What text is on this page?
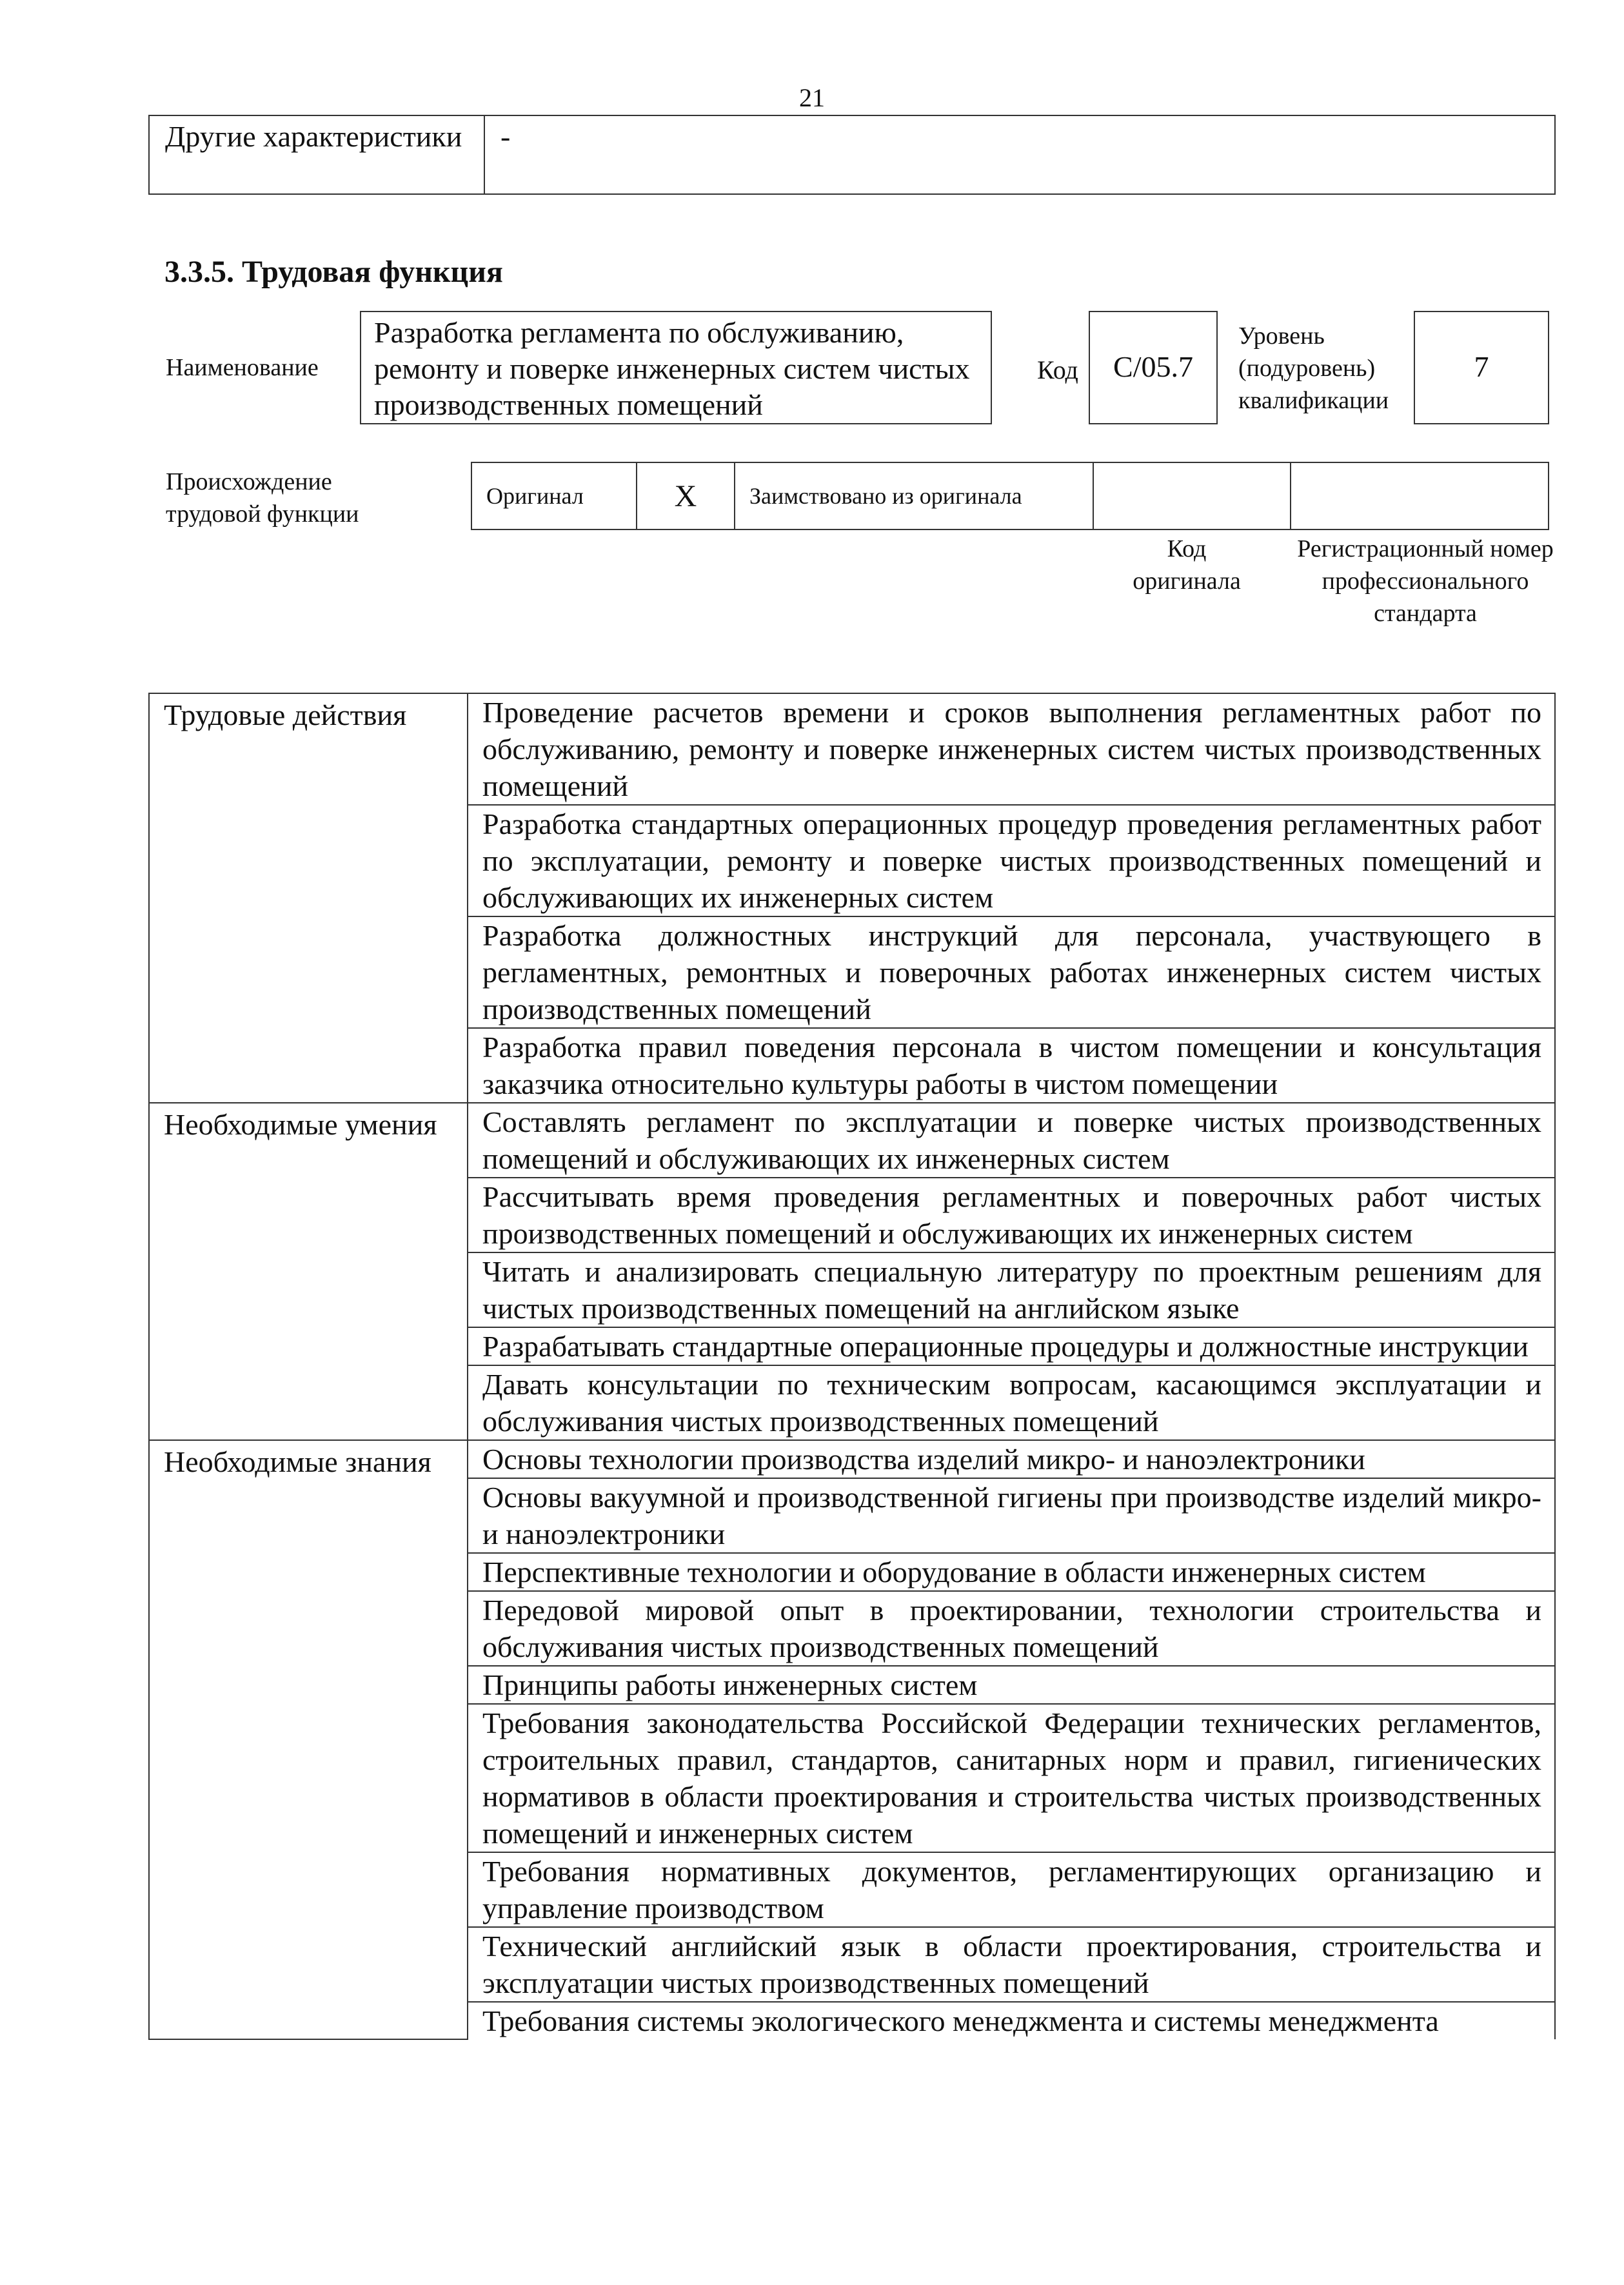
21
Другие характеристики	-
3.3.5. Трудовая функция
Наименование
Разработка регламента по обслуживанию, ремонту и поверке инженерных систем чистых производственных помещений
Код	C/05.7
Уровень (подуровень) квалификации
7
Происхождение трудовой функции
Оригинал	X	Заимствовано из оригинала		
Код оригинала
Регистрационный номер профессионального стандарта
Трудовые действия	Проведение расчетов времени и сроков выполнения регламентных работ по обслуживанию, ремонту и поверке инженерных систем чистых производственных помещений
	Разработка стандартных операционных процедур проведения регламентных работ по эксплуатации, ремонту и поверке чистых производственных помещений и обслуживающих их инженерных систем
	Разработка должностных инструкций для персонала, участвующего в регламентных, ремонтных и поверочных работах инженерных систем чистых производственных помещений
	Разработка правил поведения персонала в чистом помещении и консультация заказчика относительно культуры работы в чистом помещении
Необходимые умения	Составлять регламент по эксплуатации и поверке чистых производственных помещений и обслуживающих их инженерных систем
	Рассчитывать время проведения регламентных и поверочных работ чистых производственных помещений и обслуживающих их инженерных систем
	Читать и анализировать специальную литературу по проектным решениям для чистых производственных помещений на английском языке
	Разрабатывать стандартные операционные процедуры и должностные инструкции
	Давать консультации по техническим вопросам, касающимся эксплуатации и обслуживания чистых производственных помещений
Необходимые знания	Основы технологии производства изделий микро- и наноэлектроники
	Основы вакуумной и производственной гигиены при производстве изделий микро- и наноэлектроники
	Перспективные технологии и оборудование в области инженерных систем
	Передовой мировой опыт в проектировании, технологии строительства и обслуживания чистых производственных помещений
	Принципы работы инженерных систем
	Требования законодательства Российской Федерации технических регламентов, строительных правил, стандартов, санитарных норм и правил, гигиенических нормативов в области проектирования и строительства чистых производственных помещений и инженерных систем
	Требования нормативных документов, регламентирующих организацию и управление производством
	Технический английский язык в области проектирования, строительства и эксплуатации чистых производственных помещений
	Требования системы экологического менеджмента и системы менеджмента
